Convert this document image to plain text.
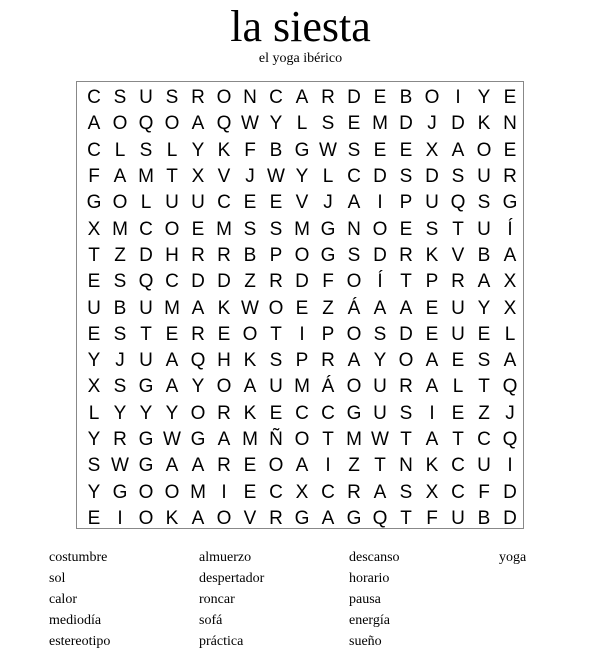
la siesta
el yoga ibérico
C S U S R O N C A R D E B O I Y E
A O Q O A Q W Y L S E M D J D K N
C L S L Y K F B G W S E E X A O E
F A M T X V J W Y L C D S D S U R
G O L U U C E E V J A I P U Q S G
X M C O E M S S M G N O E S T U Í
T Z D H R R B P O G S D R K V B A
E S Q C D D Z R D F O Í T P R A X
U B U M A K W O E Z Á A A E U Y X
E S T E R E O T I P O S D E U E L
Y J U A Q H K S P R A Y O A E S A
X S G A Y O A U M Á O U R A L T Q
L Y Y Y O R K E C C G U S I E Z J
Y R G W G A M Ñ O T M W T A T C Q
S W G A A R E O A I Z T N K C U I
Y G O O M I E C X C R A S X C F D
E I O K A O V R G A G Q T F U B D
costumbre
sol
calor
mediodía
estereotipo
almuerzo
despertador
roncar
sofá
práctica
descanso
horario
pausa
energía
sueño
yoga
